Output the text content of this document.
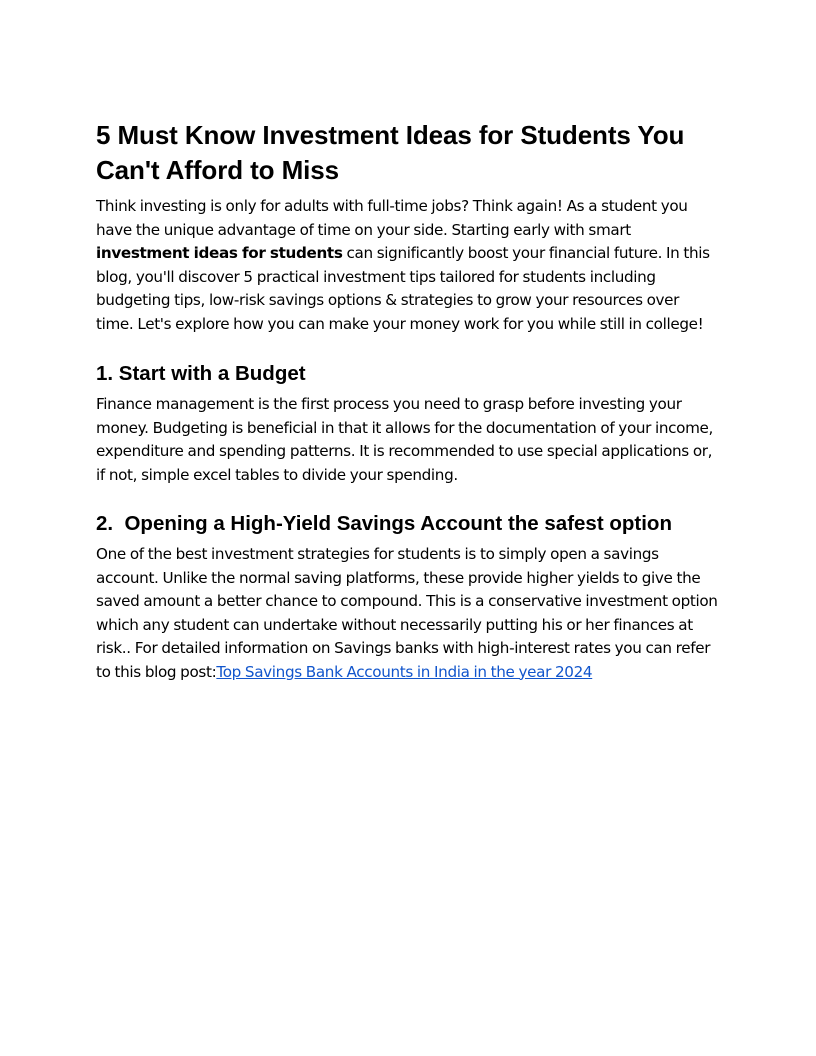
5 Must Know Investment Ideas for Students You Can't Afford to Miss

Think investing is only for adults with full-time jobs? Think again! As a student you have the unique advantage of time on your side. Starting early with smart investment ideas for students can significantly boost your financial future. In this blog, you'll discover 5 practical investment tips tailored for students including budgeting tips, low-risk savings options & strategies to grow your resources over time. Let's explore how you can make your money work for you while still in college!

1. Start with a Budget

Finance management is the first process you need to grasp before investing your money. Budgeting is beneficial in that it allows for the documentation of your income, expenditure and spending patterns. It is recommended to use special applications or, if not, simple excel tables to divide your spending.

2.  Opening a High-Yield Savings Account the safest option

One of the best investment strategies for students is to simply open a savings account. Unlike the normal saving platforms, these provide higher yields to give the saved amount a better chance to compound. This is a conservative investment option which any student can undertake without necessarily putting his or her finances at risk.. For detailed information on Savings banks with high-interest rates you can refer to this blog post:Top Savings Bank Accounts in India in the year 2024
